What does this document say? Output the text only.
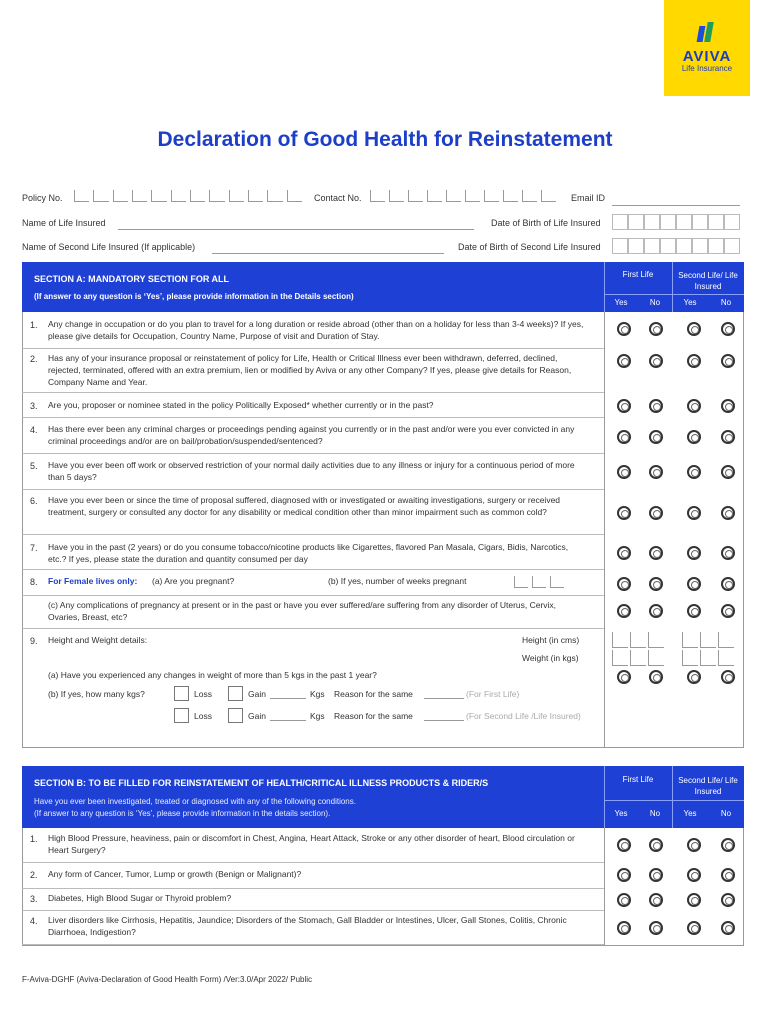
AVIVA
Life Insurance
Declaration of Good Health for Reinstatement
Policy No.	Contact No.	Email ID
Name of Life Insured	Date of Birth of Life Insured
Name of Second Life Insured (If applicable)	Date of Birth of Second Life Insured
SECTION A: MANDATORY SECTION FOR ALL
(If answer to any question is ‘Yes’, please provide information in the Details section)
First Life	Second Life/ Life Insured
Yes	No	Yes	No
1. Any change in occupation or do you plan to travel for a long duration or reside abroad (other than on a holiday for less than 3-4 weeks)? If yes, please give details for Occupation, Country Name, Purpose of visit and Duration of Stay.
2. Has any of your insurance proposal or reinstatement of policy for Life, Health or Critical Illness ever been withdrawn, deferred, declined, rejected, terminated, offered with an extra premium, lien or modified by Aviva or any other Company? If yes, please give details for Reason, Company Name and Year.
3. Are you, proposer or nominee stated in the policy Politically Exposed* whether currently or in the past?
4. Has there ever been any criminal charges or proceedings pending against you currently or in the past and/or were you ever convicted in any criminal proceedings and/or are on bail/probation/suspended/sentenced?
5. Have you ever been off work or observed restriction of your normal daily activities due to any illness or injury for a continuous period of more than 5 days?
6. Have you ever been or since the time of proposal suffered, diagnosed with or investigated or awaiting investigations, surgery or received treatment, surgery or consulted any doctor for any disability or medical condition other than minor impairment such as common cold?
7. Have you in the past (2 years) or do you consume tobacco/nicotine products like Cigarettes, flavored Pan Masala, Cigars, Bidis, Narcotics, etc.? If yes, please state the duration and quantity consumed per day
8. For Female lives only: (a) Are you pregnant?	(b) If yes, number of weeks pregnant
(c) Any complications of pregnancy at present or in the past or have you ever suffered/are suffering from any disorder of Uterus, Cervix, Ovaries, Breast, etc?
9. Height and Weight details:	Height (in cms)
Weight (in kgs)
(a) Have you experienced any changes in weight of more than 5 kgs in the past 1 year?
(b) If yes, how many kgs?	Loss	Gain	Kgs Reason for the same	(For First Life)
Loss	Gain	Kgs Reason for the same	(For Second Life /Life Insured)
SECTION B: TO BE FILLED FOR REINSTATEMENT OF HEALTH/CRITICAL ILLNESS PRODUCTS & RIDER/S
Have you ever been investigated, treated or diagnosed with any of the following conditions.
(If answer to any question is ‘Yes’, please provide information in the details section).
First Life	Second Life/ Life Insured
Yes	No	Yes	No
1. High Blood Pressure, heaviness, pain or discomfort in Chest, Angina, Heart Attack, Stroke or any other disorder of heart, Blood circulation or Heart Surgery?
2. Any form of Cancer, Tumor, Lump or growth (Benign or Malignant)?
3. Diabetes, High Blood Sugar or Thyroid problem?
4. Liver disorders like Cirrhosis, Hepatitis, Jaundice; Disorders of the Stomach, Gall Bladder or Intestines, Ulcer, Gall Stones, Colitis, Chronic Diarrhoea, Indigestion?
F-Aviva-DGHF (Aviva-Declaration of Good Health Form) /Ver:3.0/Apr 2022/ Public
